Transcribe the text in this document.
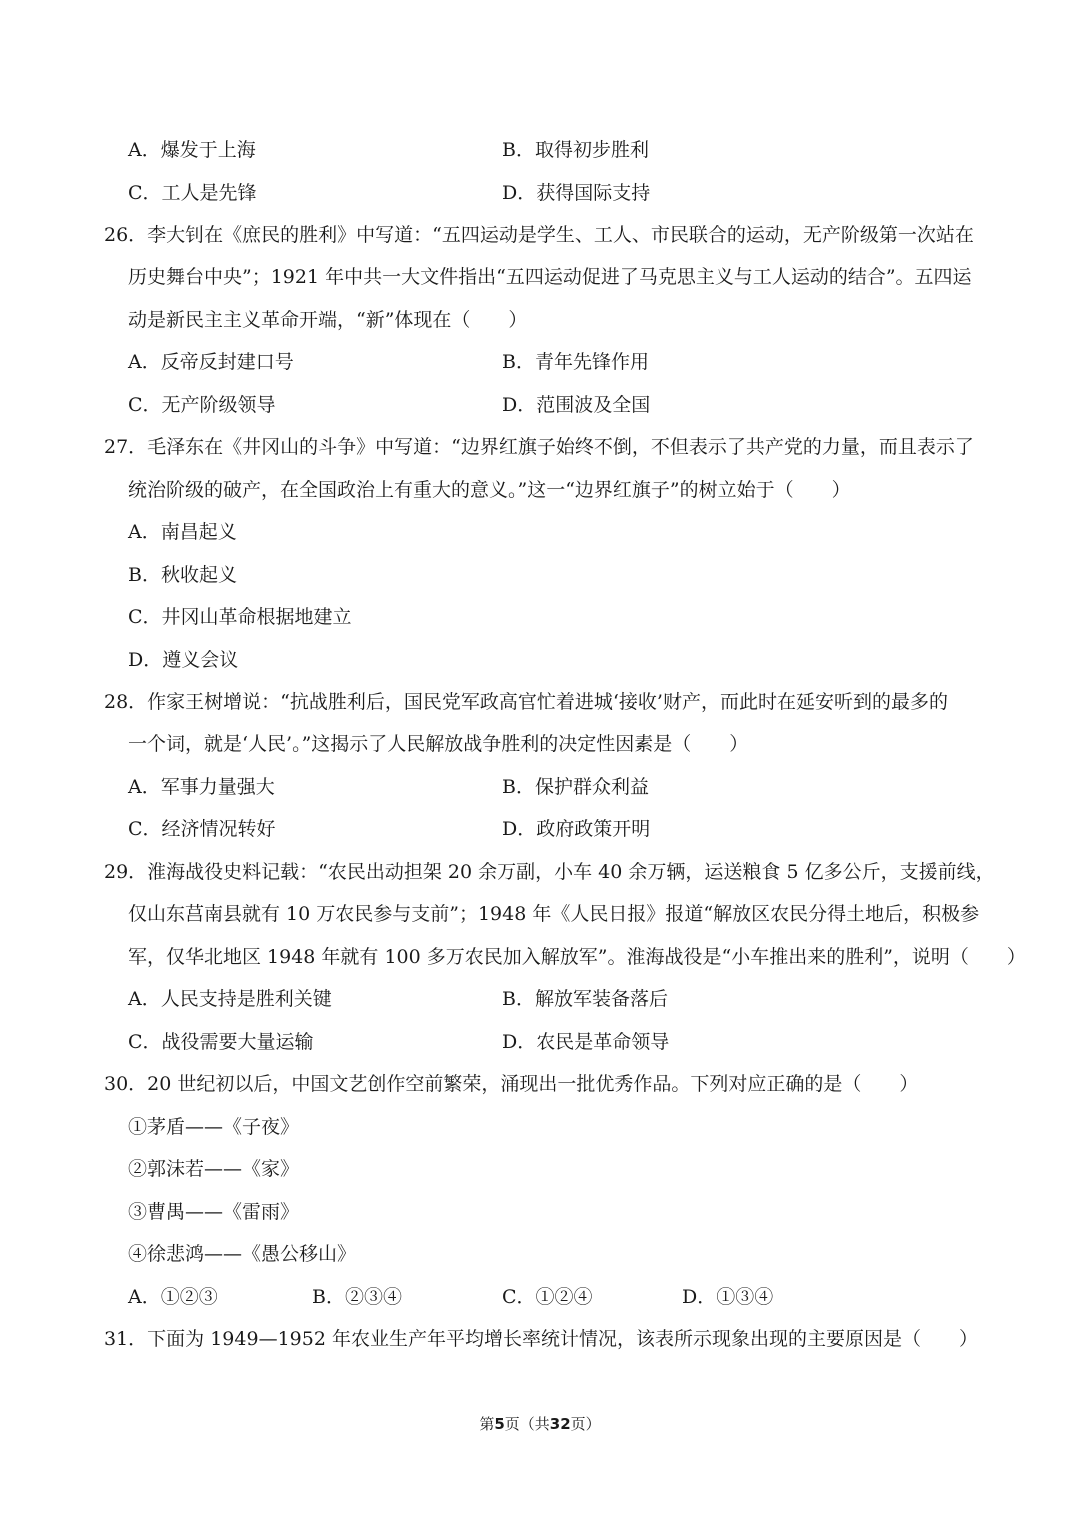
A．爆发于上海	B．取得初步胜利
C．工人是先锋	D．获得国际支持
26．李大钊在《庶民的胜利》中写道：“五四运动是学生、工人、市民联合的运动，无产阶级第一次站在
历史舞台中央”；1921 年中共一大文件指出“五四运动促进了马克思主义与工人运动的结合”。五四运
动是新民主主义革命开端，“新”体现在（　　）
A．反帝反封建口号	B．青年先锋作用
C．无产阶级领导	D．范围波及全国
27．毛泽东在《井冈山的斗争》中写道：“边界红旗子始终不倒，不但表示了共产党的力量，而且表示了
统治阶级的破产，在全国政治上有重大的意义。”这一“边界红旗子”的树立始于（　　）
A．南昌起义
B．秋收起义
C．井冈山革命根据地建立
D．遵义会议
28．作家王树增说：“抗战胜利后，国民党军政高官忙着进城‘接收’财产，而此时在延安听到的最多的
一个词，就是‘人民’。”这揭示了人民解放战争胜利的决定性因素是（　　）
A．军事力量强大	B．保护群众利益
C．经济情况转好	D．政府政策开明
29．淮海战役史料记载：“农民出动担架 20 余万副，小车 40 余万辆，运送粮食 5 亿多公斤，支援前线，
仅山东莒南县就有 10 万农民参与支前”；1948 年《人民日报》报道“解放区农民分得土地后，积极参
军，仅华北地区 1948 年就有 100 多万农民加入解放军”。淮海战役是“小车推出来的胜利”，说明（　　）
A．人民支持是胜利关键	B．解放军装备落后
C．战役需要大量运输	D．农民是革命领导
30．20 世纪初以后，中国文艺创作空前繁荣，涌现出一批优秀作品。下列对应正确的是（　　）
①茅盾——《子夜》
②郭沫若——《家》
③曹禺——《雷雨》
④徐悲鸿——《愚公移山》
A．①②③	B．②③④	C．①②④	D．①③④
31．下面为 1949—1952 年农业生产年平均增长率统计情况，该表所示现象出现的主要原因是（　　）
第5页（共32页）
